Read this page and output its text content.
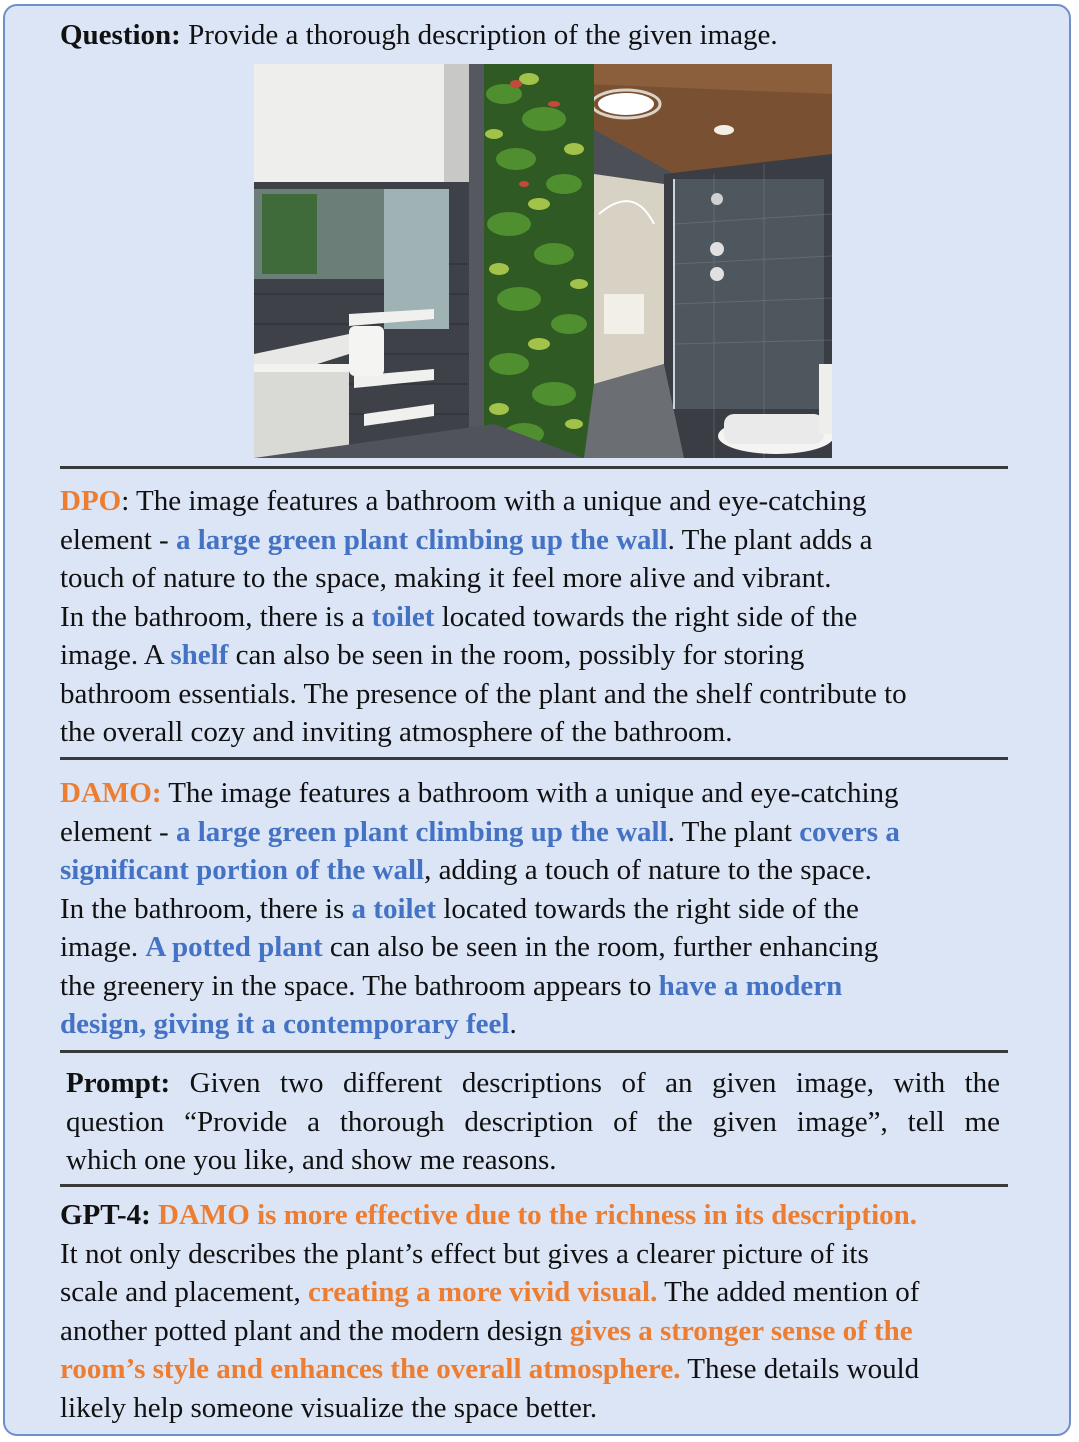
Question: Provide a thorough description of the given image.
DPO: The image features a bathroom with a unique and eye-catching
element - a large green plant climbing up the wall. The plant adds a
touch of nature to the space, making it feel more alive and vibrant.
In the bathroom, there is a toilet located towards the right side of the
image. A shelf can also be seen in the room, possibly for storing
bathroom essentials. The presence of the plant and the shelf contribute to
the overall cozy and inviting atmosphere of the bathroom.
DAMO: The image features a bathroom with a unique and eye-catching
element - a large green plant climbing up the wall. The plant covers a
significant portion of the wall, adding a touch of nature to the space.
In the bathroom, there is a toilet located towards the right side of the
image. A potted plant can also be seen in the room, further enhancing
the greenery in the space. The bathroom appears to have a modern
design, giving it a contemporary feel.
Prompt: Given two different descriptions of an given image, with the
question “Provide a thorough description of the given image”, tell me
which one you like, and show me reasons.
GPT-4: DAMO is more effective due to the richness in its description.
It not only describes the plant’s effect but gives a clearer picture of its
scale and placement, creating a more vivid visual. The added mention of
another potted plant and the modern design gives a stronger sense of the
room’s style and enhances the overall atmosphere. These details would
likely help someone visualize the space better.
